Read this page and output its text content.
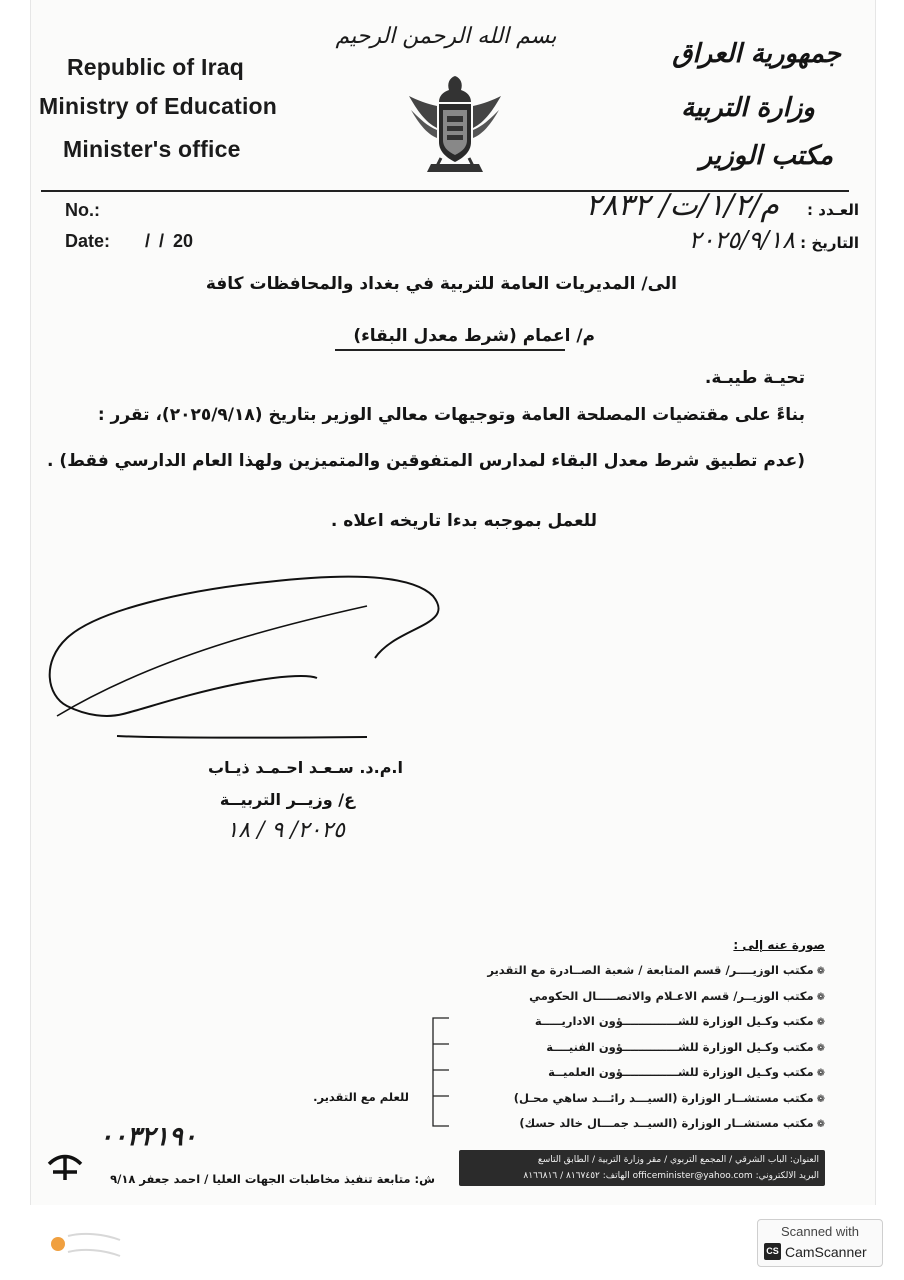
Republic of Iraq
Ministry of Education
Minister's office
بسم الله الرحمن الرحيم
جمهورية العراق
وزارة التربية
مكتب الوزير
No.:
Date: / / 20
العـدد :
م/١/٢/ت/ ٢٨٣٢
التاريخ :
٢٠٢٥/٩/١٨
الى/ المديريات العامة للتربية في بغداد والمحافظات كافة
م/ اعمام (شرط معدل البقاء)
تحيـة طيبـة.
بناءً على مقتضيات المصلحة العامة وتوجيهات معالي الوزير بتاريخ (٢٠٢٥/٩/١٨)، تقرر :
(عدم تطبيق شرط معدل البقاء لمدارس المتفوقين والمتميزين ولهذا العام الدارسي فقط) .
للعمل بموجبه بدءا تاريخه اعلاه .
ا.م.د. سـعـد احـمـد ذيـاب
ع/ وزيــر التربيــة
٢٠٢٥/ ٩ / ١٨
صورة عنه إلى :
❁مكتب الوزيــــر/ قسم المتابعة / شعبة الصــادرة مع التقدير
❁مكتب الوزيــر/ قسم الاعـلام والاتصـــــال الحكومي
❁مكتب وكـيل الوزارة للشــــــــــــــؤون الاداريـــــة
❁مكتب وكـيل الوزارة للشــــــــــــــؤون الفنيــــة
❁مكتب وكـيل الوزارة للشــــــــــــــؤون العلميــة
❁مكتب مستشــار الوزارة (السيـــد رائـــد ساهي محـل)
❁مكتب مستشــار الوزارة (السيــد جمـــال خالد حسك)
للعلم مع التقدير.
٠٠٣٢١٩٠
ش: متابعة تنفيذ مخاطبات الجهات العليا / احمد جعفر ٩/١٨
العنوان: الباب الشرقي / المجمع التربوي / مقر وزارة التربية / الطابق التاسع
البريد الالكتروني: officeminister@yahoo.com الهاتف: ٨١٦٧٤٥٢ / ٨١٦٦٨١٦
Scanned with
CS CamScanner
